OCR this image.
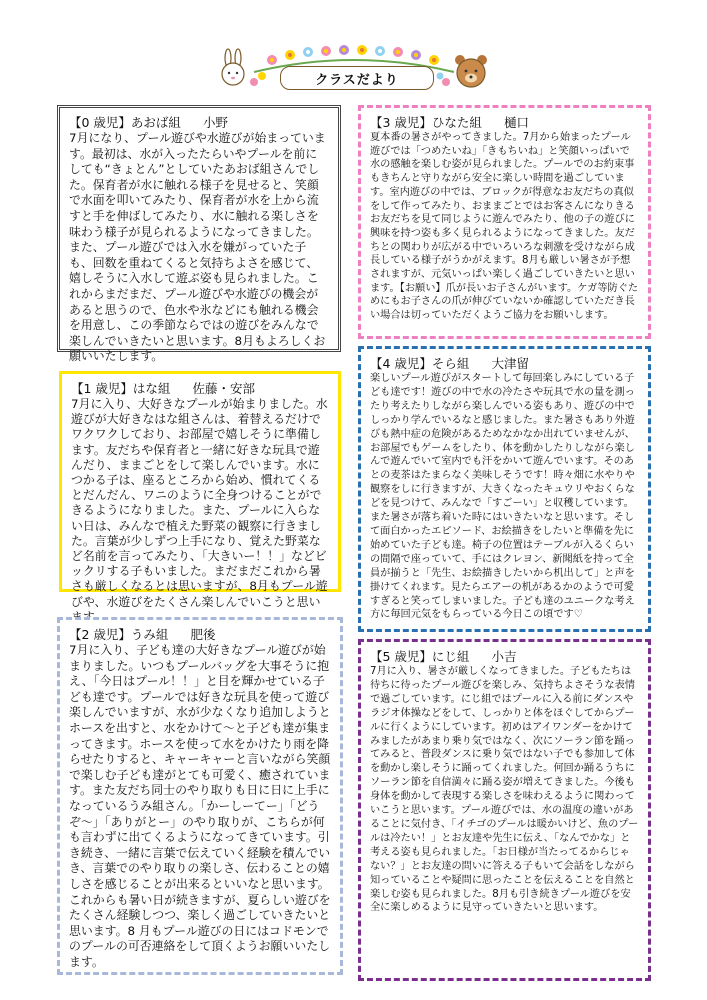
クラスだより
【0 歳児】あおば組 小野

7月になり、プール遊びや水遊びが始まっています。最初は、水が入ったたらいやプールを前にしても“きょとん”としていたあおば組さんでした。保育者が水に触れる様子を見せると、笑顔で水面を叩いてみたり、保育者が水を上から流すと手を伸ばしてみたり、水に触れる楽しさを味わう様子が見られるようになってきました。また、プール遊びでは入水を嫌がっていた子も、回数を重ねてくると気持ちよさを感じて、嬉しそうに入水して遊ぶ姿も見られました。これからまだまだ、プール遊びや水遊びの機会があると思うので、色水や氷などにも触れる機会を用意し、この季節ならではの遊びをみんなで楽しんでいきたいと思います。8月もよろしくお願いいたします。

【1 歳児】はな組 佐藤・安部

7月に入り、大好きなプールが始まりました。水遊びが大好きなはな組さんは、着替えるだけでワクワクしており、お部屋で嬉しそうに準備します。友だちや保育者と一緒に好きな玩具で遊んだり、ままごとをして楽しんでいます。水につかる子は、座るところから始め、慣れてくるとだんだん、ワニのように全身つけることができるようになりました。また、プールに入らない日は、みんなで植えた野菜の観察に行きました。言葉が少しずつ上手になり、覚えた野菜など名前を言ってみたり、「大きいー！！」などビックリする子もいました。まだまだこれから暑さも厳しくなるとは思いますが、8月もプール遊びや、水遊びをたくさん楽しんでいこうと思い

【2 歳児】うみ組 肥後

7月に入り、子ども達の大好きなプール遊びが始まりました。いつもプールバッグを大事そうに抱え、「今日はプール！！」と目を輝かせている子ども達です。プールでは好きな玩具を使って遊び楽しんでいますが、水が少なくなり追加しようとホースを出すと、水をかけて〜と子ども達が集まってきます。ホースを使って水をかけたり雨を降らせたりすると、キャーキャーと言いながら笑顔で楽しむ子ども達がとても可愛く、癒されています。また友だち同士のやり取りも日に日に上手になっているうみ組さん。「かーしーてー」「どうぞ〜」「ありがとー」のやり取りが、こちらが何も言わずに出てくるようになってきています。引き続き、一緒に言葉で伝えていく経験を積んでいき、言葉でのやり取りの楽しさ、伝わることの嬉しさを感じることが出来るといいなと思います。これからも暑い日が続きますが、夏らしい遊びをたくさん経験しつつ、楽しく過ごしていきたいと思います。8 月もプール遊びの日にはコドモンでのプールの可否連絡をして頂くようお願いいたします。

【3 歳児】ひなた組 樋口

夏本番の暑さがやってきました。7月から始まったプール遊びでは「つめたいね」「きもちいね」と笑顔いっぱいで水の感触を楽しむ姿が見られました。プールでのお約束事もきちんと守りながら安全に楽しい時間を過ごしています。室内遊びの中では、ブロックが得意なお友だちの真似をして作ってみたり、おままごとではお客さんになりきるお友だちを見て同じように遊んでみたり、他の子の遊びに興味を持つ姿も多く見られるようになってきました。友だちとの関わりが広がる中でいろいろな刺激を受けながら成長している様子がうかがえます。8月も厳しい暑さが予想されますが、元気いっぱい楽しく過ごしていきたいと思います。【お願い】爪が長いお子さんがいます。ケガ等防ぐためにもお子さんの爪が伸びていないか確認していただき長い場合は切っていただくようご協力をお願いします。

【4 歳児】そら組 大津留

楽しいプール遊びがスタートして毎回楽しみにしている子ども達です！遊びの中で水の冷たさや玩具で水の量を測ったり考えたりしながら楽しんでいる姿もあり、遊びの中でしっかり学んでいるなと感じました。また暑さもあり外遊びも熱中症の危険があるためなかなか出れていませんが、お部屋でもゲームをしたり、体を動かしたりしながら楽しんで遊んでいて室内でも汗をかいて遊んでいます。そのあとの麦茶はたまらなく美味しそうです！時々畑に水やりや観察をしに行きますが、大きくなったキュウリやおくらなどを見つけて、みんなで「すごーい」と収穫しています。また暑さが落ち着いた時にはいきたいなと思います。そして面白かったエピソード、お絵描きをしたいと準備を先に始めていた子ども達。椅子の位置はテーブルが入るくらいの間隔で座っていて、手にはクレヨン、新聞紙を持って全員が揃うと「先生、お絵描きしたいから机出して」と声を掛けてくれます。見たらエアーの机があるかのようで可愛すぎると笑ってしまいました。子ども達のユニークな考え方に毎回元気をもらっている今日この頃です♡

【5 歳児】にじ組 小吉

7月に入り、暑さが厳しくなってきました。子どもたちは待ちに待ったプール遊びを楽しみ、気持ちよさそうな表情で過ごしています。にじ組ではプールに入る前にダンスやラジオ体操などをして、しっかりと体をほぐしてからプールに行くようにしています。初めはアイワンダーをかけてみましたがあまり乗り気ではなく、次にソーラン節を踊ってみると、普段ダンスに乗り気ではない子でも参加して体を動かし楽しそうに踊ってくれました。何回か踊るうちにソーラン節を自信満々に踊る姿が増えてきました。今後も身体を動かして表現する楽しさを味わえるように関わっていこうと思います。プール遊びでは、水の温度の違いがあることに気付き、「イチゴのプールは暖かいけど、魚のプールは冷たい！」とお友達や先生に伝え、「なんでかな」と考える姿も見られました。「お日様が当たってるからじゃない？」とお友達の問いに答える子もいて会話をしながら知っていることや疑問に思ったことを伝えることを自然と楽しむ姿も見られました。8月も引き続きプール遊びを安全に楽しめるように見守っていきたいと思います。
